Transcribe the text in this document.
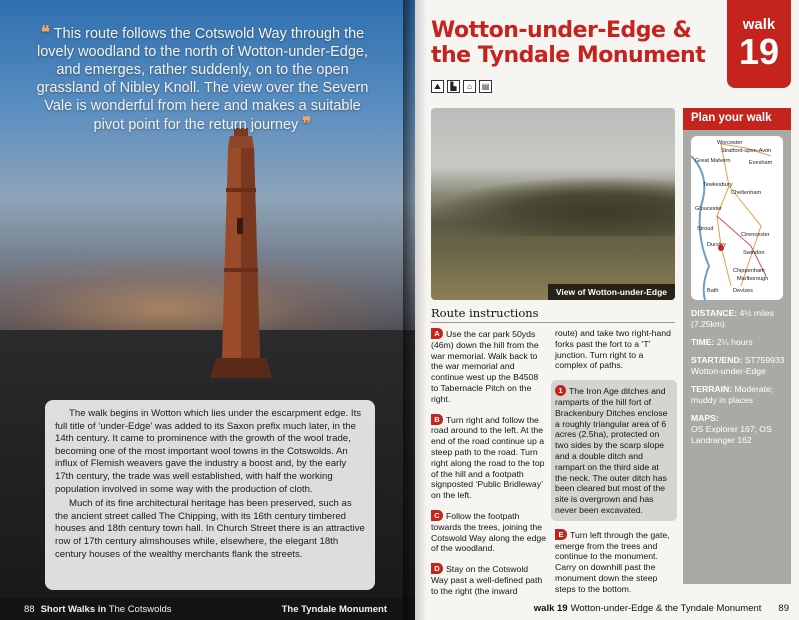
❝ This route follows the Cotswold Way through the lovely woodland to the north of Wotton-under-Edge, and emerges, rather suddenly, on to the open grassland of Nibley Knoll. The view over the Severn Vale is wonderful from here and makes a suitable pivot point for the return journey ❞

The walk begins in Wotton which lies under the escarpment edge. Its full title of ‘under-Edge’ was added to its Saxon prefix much later, in the 14th century. It came to prominence with the growth of the wool trade, becoming one of the most important wool towns in the Cotswolds. An influx of Flemish weavers gave the industry a boost and, by the early 17th century, the trade was well established, with half the working population involved in some way with the production of cloth.

Much of its fine architectural heritage has been preserved, such as the ancient street called The Chipping, with its 16th century timbered houses and 18th century town hall. In Church Street there is an attractive row of 17th century almshouses while, elsewhere, the elegant 18th century houses of the wealthy merchants flank the streets.

88 Short Walks in The Cotswolds	The Tyndale Monument
walk
19
Wotton-under-Edge & the Tyndale Monument
⛰	▙	⌂	▤
View of Wotton-under-Edge
Plan your walk
Worcester
Stratford-upon-Avon
Great Malvern	Evesham
Tewkesbury
Cheltenham
Gloucester
Stroud
Cirencester
Dursley
Swindon
Chippenham
Marlborough
Bath	Devizes
DISTANCE: 4½ miles (7.25km)
TIME: 2¼ hours
START/END: ST759933 Wotton-under-Edge
TERRAIN: Moderate; muddy in places
MAPS:
OS Explorer 167; OS Landranger 162
Route instructions
A Use the car park 50yds (46m) down the hill from the war memorial. Walk back to the war memorial and continue west up the B4508 to Tabernacle Pitch on the right.
B Turn right and follow the road around to the left. At the end of the road continue up a steep path to the road. Turn right along the road to the top of the hill and a footpath signposted ‘Public Bridleway’ on the left.
C Follow the footpath towards the trees, joining the Cotswold Way along the edge of the woodland.
D Stay on the Cotswold Way past a well-defined path to the right (the inward
route) and take two right-hand forks past the fort to a ‘T’ junction. Turn right to a complex of paths.
1 The Iron Age ditches and ramparts of the hill fort of Brackenbury Ditches enclose a roughly triangular area of 6 acres (2.5ha), protected on two sides by the scarp slope and a double ditch and rampart on the third side at the neck. The outer ditch has been cleared but most of the site is overgrown and has never been excavated.
E Turn left through the gate, emerge from the trees and continue to the monument. Carry on downhill past the monument down the steep steps to the bottom.
walk 19 Wotton-under-Edge & the Tyndale Monument 89
